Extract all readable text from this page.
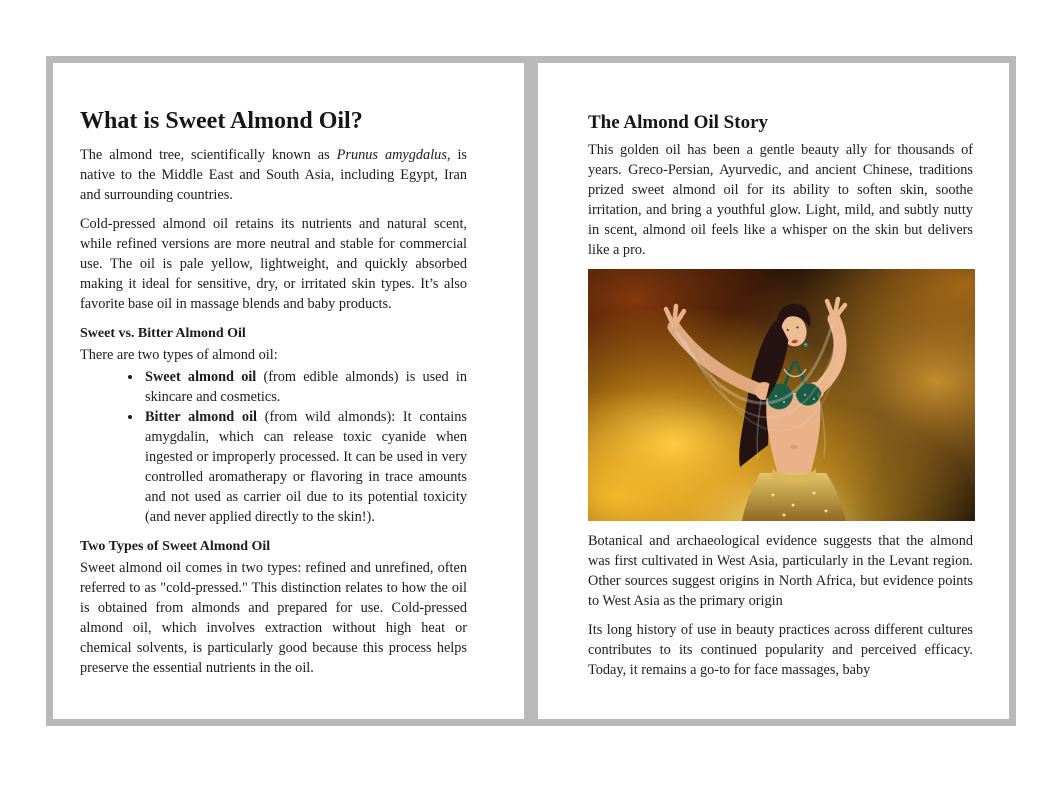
What is Sweet Almond Oil?

The almond tree, scientifically known as Prunus amygdalus, is native to the Middle East and South Asia, including Egypt, Iran and surrounding countries.

Cold-pressed almond oil retains its nutrients and natural scent, while refined versions are more neutral and stable for commercial use. The oil is pale yellow, lightweight, and quickly absorbed making it ideal for sensitive, dry, or irritated skin types. It’s also favorite base oil in massage blends and baby products.

Sweet vs. Bitter Almond Oil

There are two types of almond oil:

• Sweet almond oil (from edible almonds) is used in skincare and cosmetics.
• Bitter almond oil (from wild almonds): It contains amygdalin, which can release toxic cyanide when ingested or improperly processed. It can be used in very controlled aromatherapy or flavoring in trace amounts and not used as carrier oil due to its potential toxicity (and never applied directly to the skin!).
Two Types of Sweet Almond Oil

Sweet almond oil comes in two types: refined and unrefined, often referred to as "cold-pressed." This distinction relates to how the oil is obtained from almonds and prepared for use. Cold-pressed almond oil, which involves extraction without high heat or chemical solvents, is particularly good because this process helps preserve the essential nutrients in the oil.

The Almond Oil Story

This golden oil has been a gentle beauty ally for thousands of years. Greco-Persian, Ayurvedic, and ancient Chinese, traditions prized sweet almond oil for its ability to soften skin, soothe irritation, and bring a youthful glow. Light, mild, and subtly nutty in scent, almond oil feels like a whisper on the skin but delivers like a pro.

Botanical and archaeological evidence suggests that the almond was first cultivated in West Asia, particularly in the Levant region. Other sources suggest origins in North Africa, but evidence points to West Asia as the primary origin

Its long history of use in beauty practices across different cultures contributes to its continued popularity and perceived efficacy. Today, it remains a go-to for face massages, baby
